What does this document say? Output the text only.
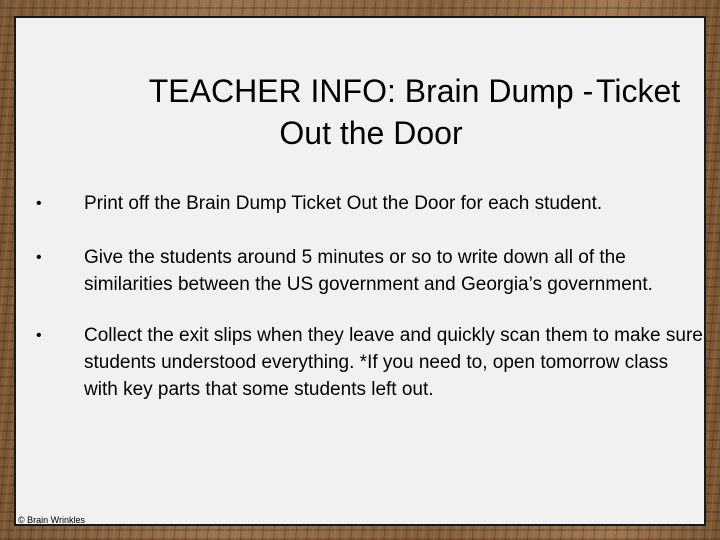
TEACHER INFO: Brain Dump -
Out the Door
Ticket
•	Print off the Brain Dump Ticket Out the Door for each student.
•	Give the students around 5 minutes or so to write down all of the similarities between the US government and Georgia’s government.
•	Collect the exit slips when they leave and quickly scan them to make sure students understood everything. *If you need to, open tomorrow class with key parts that some students left out.
© Brain Wrinkles
